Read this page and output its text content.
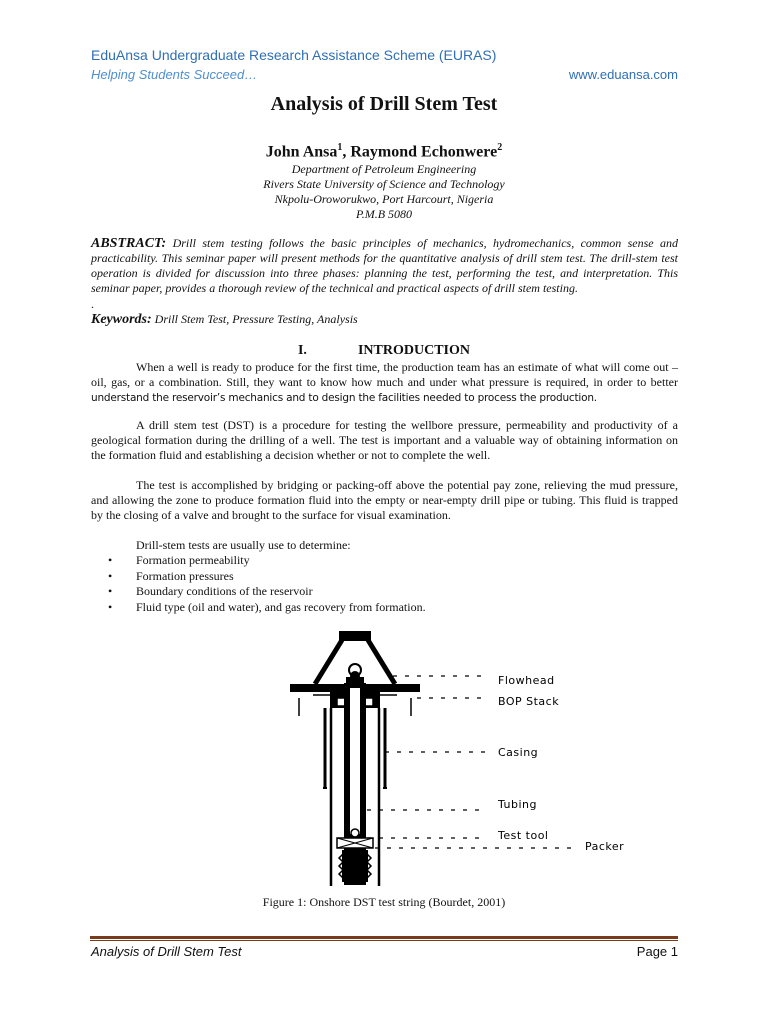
EduAnsa Undergraduate Research Assistance Scheme (EURAS)
Helping Students Succeed…	www.eduansa.com
Analysis of Drill Stem Test
John Ansa$^1$, Raymond Echonwere$^2$
Department of Petroleum Engineering
Rivers State University of Science and Technology
Nkpolu-Oroworukwo, Port Harcourt, Nigeria
P.M.B 5080
ABSTRACT: Drill stem testing follows the basic principles of mechanics, hydromechanics, common sense and practicability. This seminar paper will present methods for the quantitative analysis of drill stem test. The drill-stem test operation is divided for discussion into three phases: planning the test, performing the test, and interpretation. This seminar paper, provides a thorough review of the technical and practical aspects of drill stem testing.
.
Keywords: Drill Stem Test, Pressure Testing, Analysis
I.	INTRODUCTION
When a well is ready to produce for the first time, the production team has an estimate of what will come out – oil, gas, or a combination. Still, they want to know how much and under what pressure is required, in order to better understand the reservoir’s mechanics and to design the facilities needed to process the production.
A drill stem test (DST) is a procedure for testing the wellbore pressure, permeability and productivity of a geological formation during the drilling of a well. The test is important and a valuable way of obtaining information on the formation fluid and establishing a decision whether or not to complete the well.
The test is accomplished by bridging or packing-off above the potential pay zone, relieving the mud pressure, and allowing the zone to produce formation fluid into the empty or near-empty drill pipe or tubing. This fluid is trapped by the closing of a valve and brought to the surface for visual examination.
Drill-stem tests are usually use to determine:
• Formation permeability
• Formation pressures
• Boundary conditions of the reservoir
• Fluid type (oil and water), and gas recovery from formation.
Flowhead
BOP Stack
Casing
Tubing
Test tool
Packer
Figure 1: Onshore DST test string (Bourdet, 2001)
Analysis of Drill Stem Test	Page 1
